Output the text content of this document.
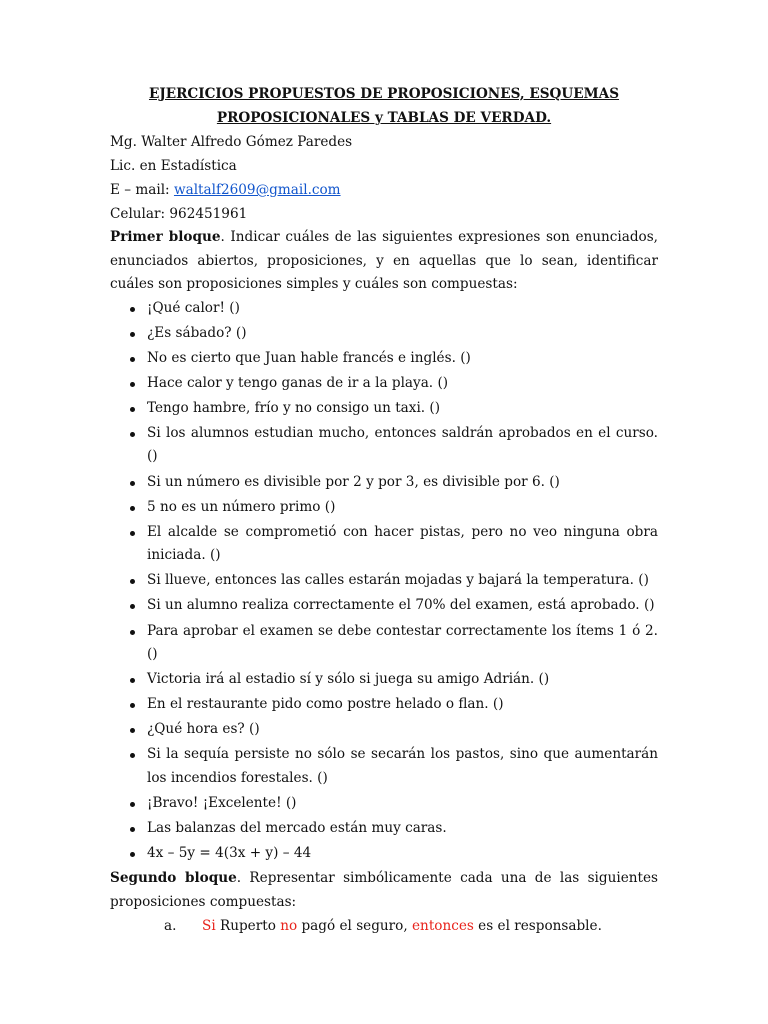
EJERCICIOS PROPUESTOS DE PROPOSICIONES, ESQUEMAS
PROPOSICIONALES y TABLAS DE VERDAD.
Mg. Walter Alfredo Gómez Paredes
Lic. en Estadística
E – mail: waltalf2609@gmail.com
Celular: 962451961
Primer bloque. Indicar cuáles de las siguientes expresiones son enunciados, enunciados abiertos, proposiciones, y en aquellas que lo sean, identificar cuáles son proposiciones simples y cuáles son compuestas:
¡Qué calor! ()
¿Es sábado? ()
No es cierto que Juan hable francés e inglés. ()
Hace calor y tengo ganas de ir a la playa. ()
Tengo hambre, frío y no consigo un taxi. ()
Si los alumnos estudian mucho, entonces saldrán aprobados en el curso. ()
Si un número es divisible por 2 y por 3, es divisible por 6. ()
5 no es un número primo ()
El alcalde se comprometió con hacer pistas, pero no veo ninguna obra iniciada. ()
Si llueve, entonces las calles estarán mojadas y bajará la temperatura. ()
Si un alumno realiza correctamente el 70% del examen, está aprobado. ()
Para aprobar el examen se debe contestar correctamente los ítems 1 ó 2. ()
Victoria irá al estadio sí y sólo si juega su amigo Adrián. ()
En el restaurante pido como postre helado o flan. ()
¿Qué hora es? ()
Si la sequía persiste no sólo se secarán los pastos, sino que aumentarán los incendios forestales. ()
¡Bravo! ¡Excelente! ()
Las balanzas del mercado están muy caras.
4x – 5y = 4(3x + y) – 44
Segundo bloque. Representar simbólicamente cada una de las siguientes proposiciones compuestas:
a. Si Ruperto no pagó el seguro, entonces es el responsable.
